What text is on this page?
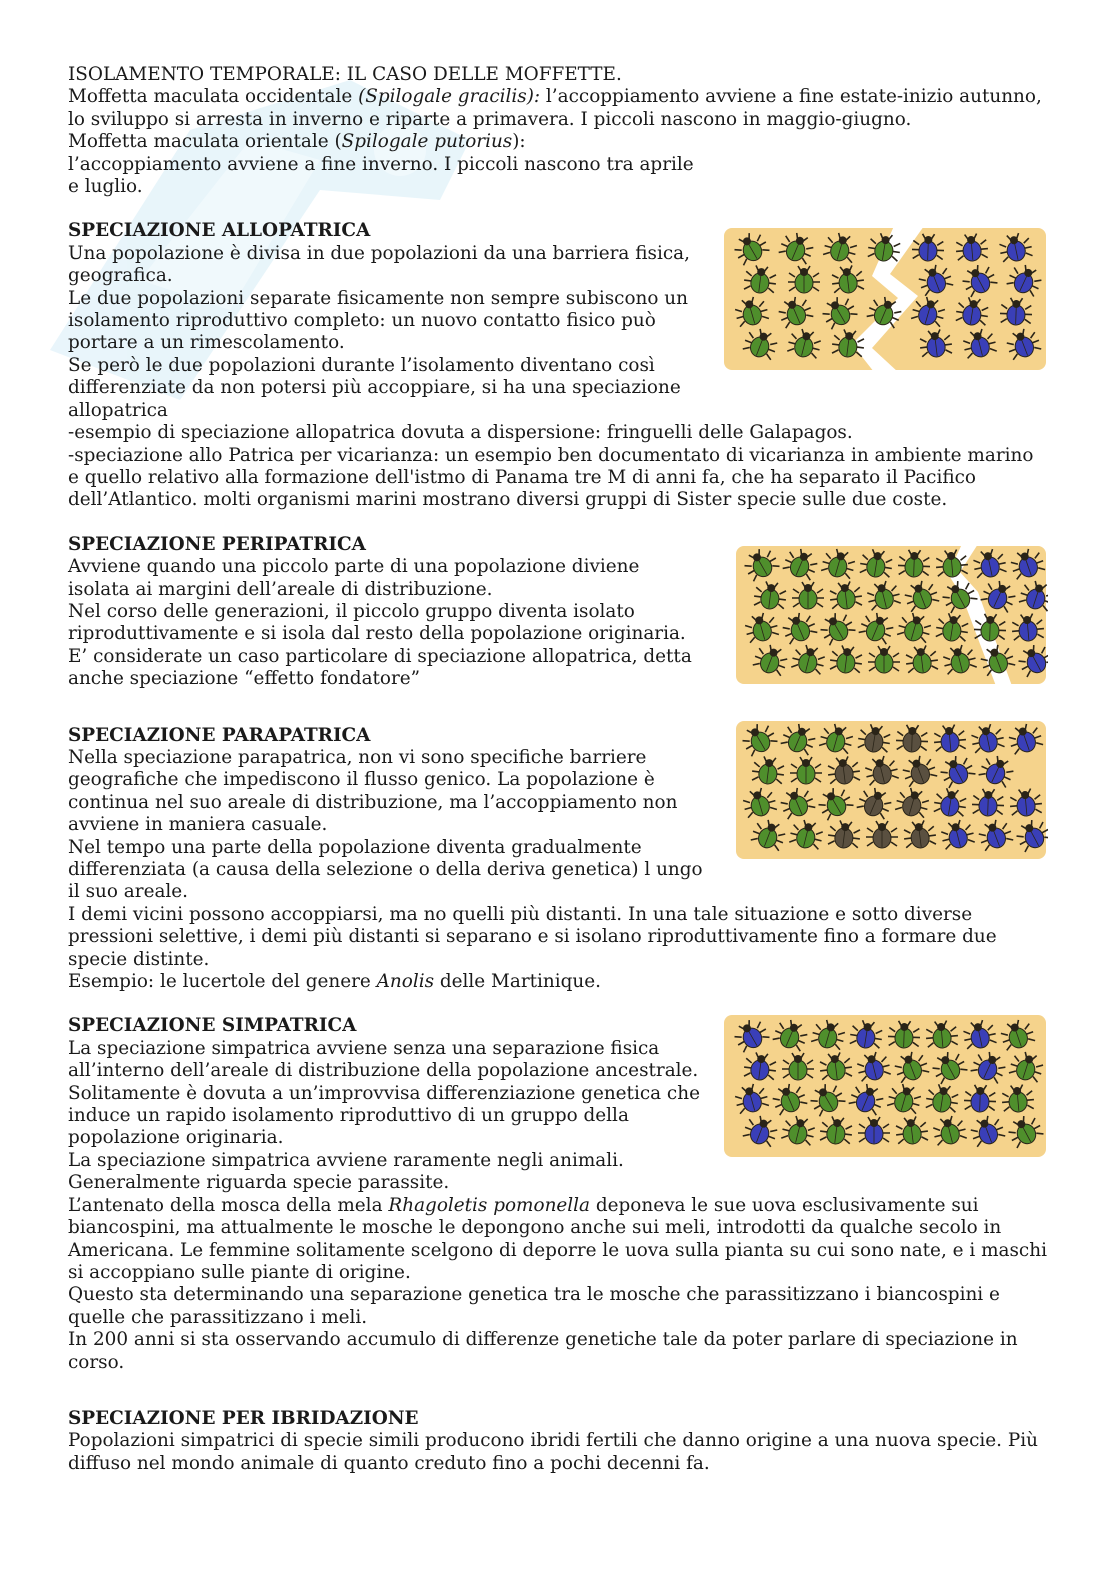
ISOLAMENTO TEMPORALE: IL CASO DELLE MOFFETTE.

Moffetta maculata occidentale (Spilogale gracilis): l’accoppiamento avviene a fine estate-inizio autunno, lo sviluppo si arresta in inverno e riparte a primavera. I piccoli nascono in maggio-giugno.

Moffetta maculata orientale (Spilogale putorius):

l’accoppiamento avviene a fine inverno. I piccoli nascono tra aprile

e luglio.

SPECIAZIONE ALLOPATRICA

Una popolazione è divisa in due popolazioni da una barriera fisica, geografica.

Le due popolazioni separate fisicamente non sempre subiscono un isolamento riproduttivo completo: un nuovo contatto fisico può portare a un rimescolamento.

Se però le due popolazioni durante l’isolamento diventano così differenziate da non potersi più accoppiare, si ha una speciazione allopatrica

-esempio di speciazione allopatrica dovuta a dispersione: fringuelli delle Galapagos.

-speciazione allo Patrica per vicarianza: un esempio ben documentato di vicarianza in ambiente marino e quello relativo alla formazione dell'istmo di Panama tre M di anni fa, che ha separato il Pacifico dell’Atlantico. molti organismi marini mostrano diversi gruppi di Sister specie sulle due coste.

SPECIAZIONE PERIPATRICA

Avviene quando una piccolo parte di una popolazione diviene isolata ai margini dell’areale di distribuzione.

Nel corso delle generazioni, il piccolo gruppo diventa isolato riproduttivamente e si isola dal resto della popolazione originaria.

E’ considerate un caso particolare di speciazione allopatrica, detta anche speciazione “effetto fondatore”

SPECIAZIONE PARAPATRICA

Nella speciazione parapatrica, non vi sono specifiche barriere geografiche che impediscono il flusso genico. La popolazione è continua nel suo areale di distribuzione, ma l’accoppiamento non avviene in maniera casuale.

Nel tempo una parte della popolazione diventa gradualmente differenziata (a causa della selezione o della deriva genetica) l ungo il suo areale.

I demi vicini possono accoppiarsi, ma no quelli più distanti. In una tale situazione e sotto diverse pressioni selettive, i demi più distanti si separano e si isolano riproduttivamente fino a formare due specie distinte.

Esempio: le lucertole del genere Anolis delle Martinique.

SPECIAZIONE SIMPATRICA

La speciazione simpatrica avviene senza una separazione fisica all’interno dell’areale di distribuzione della popolazione ancestrale.

Solitamente è dovuta a un’improvvisa differenziazione genetica che induce un rapido isolamento riproduttivo di un gruppo della popolazione originaria.

La speciazione simpatrica avviene raramente negli animali.

Generalmente riguarda specie parassite.

L’antenato della mosca della mela Rhagoletis pomonella deponeva le sue uova esclusivamente sui biancospini, ma attualmente le mosche le depongono anche sui meli, introdotti da qualche secolo in Americana. Le femmine solitamente scelgono di deporre le uova sulla pianta su cui sono nate, e i maschi si accoppiano sulle piante di origine.

Questo sta determinando una separazione genetica tra le mosche che parassitizzano i biancospini e quelle che parassitizzano i meli.

In 200 anni si sta osservando accumulo di differenze genetiche tale da poter parlare di speciazione in corso.

SPECIAZIONE PER IBRIDAZIONE

Popolazioni simpatrici di specie simili producono ibridi fertili che danno origine a una nuova specie. Più diffuso nel mondo animale di quanto creduto fino a pochi decenni fa.
